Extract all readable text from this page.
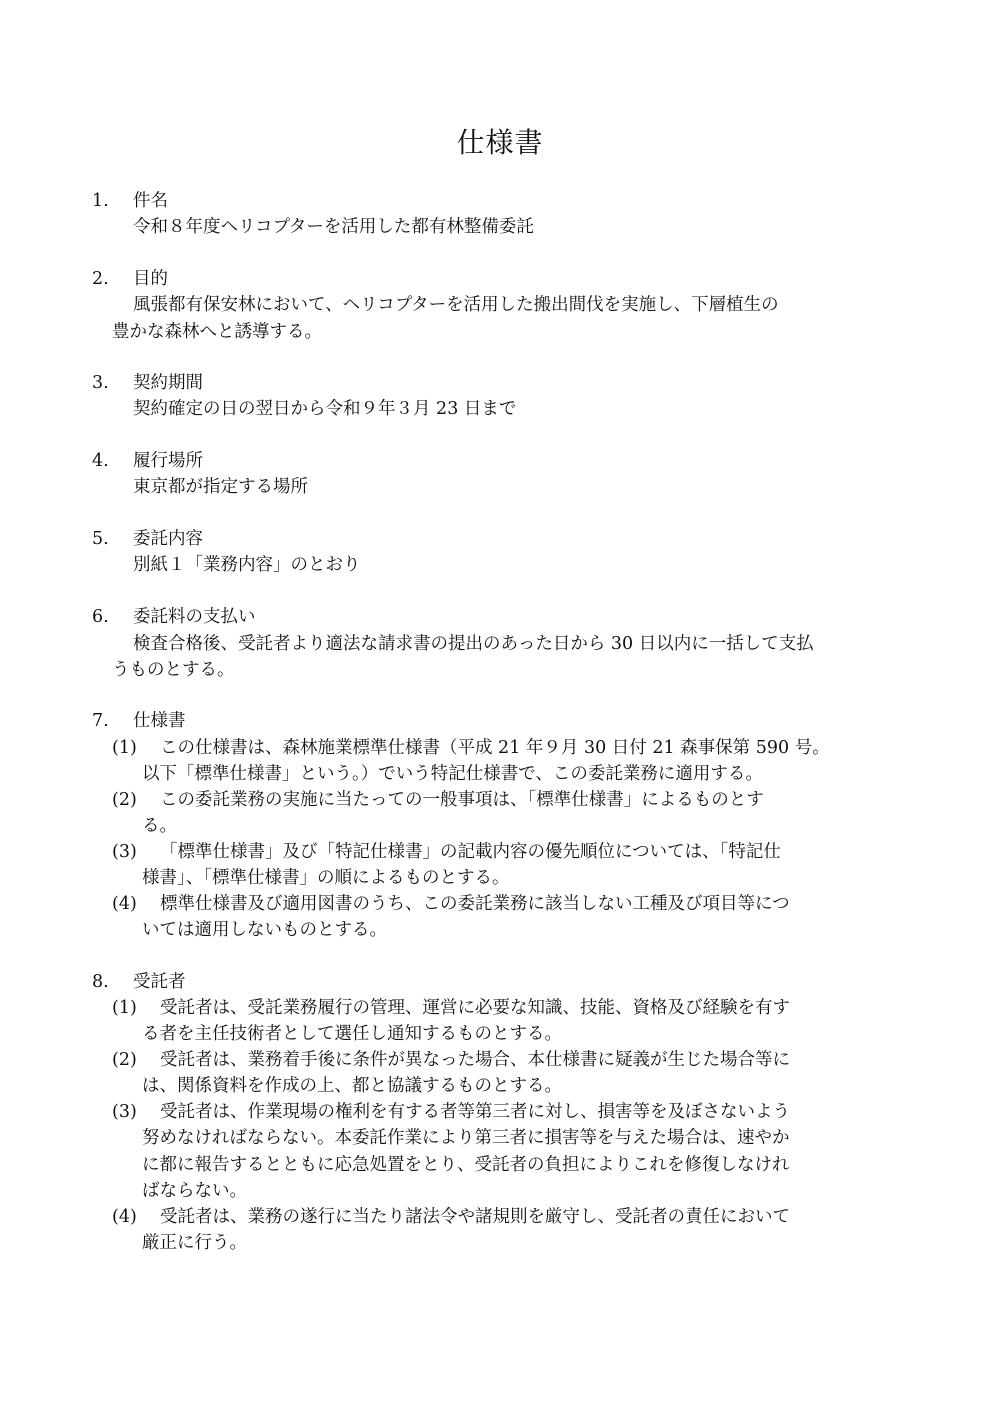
仕様書
1. 件名
令和８年度ヘリコプターを活用した都有林整備委託
2. 目的
風張都有保安林において、ヘリコプターを活用した搬出間伐を実施し、下層植生の
豊かな森林へと誘導する。
3. 契約期間
契約確定の日の翌日から令和９年３月 23 日まで
4. 履行場所
東京都が指定する場所
5. 委託内容
別紙１「業務内容」のとおり
6. 委託料の支払い
検査合格後、受託者より適法な請求書の提出のあった日から 30 日以内に一括して支払
うものとする。
7. 仕様書
(1) この仕様書は、森林施業標準仕様書（平成 21 年９月 30 日付 21 森事保第 590 号。
以下「標準仕様書」という。）でいう特記仕様書で、この委託業務に適用する。
(2) この委託業務の実施に当たっての一般事項は、「標準仕様書」によるものとす
る。
(3) 「標準仕様書」及び「特記仕様書」の記載内容の優先順位については、「特記仕
様書」、「標準仕様書」の順によるものとする。
(4) 標準仕様書及び適用図書のうち、この委託業務に該当しない工種及び項目等につ
いては適用しないものとする。
8. 受託者
(1) 受託者は、受託業務履行の管理、運営に必要な知識、技能、資格及び経験を有す
る者を主任技術者として選任し通知するものとする。
(2) 受託者は、業務着手後に条件が異なった場合、本仕様書に疑義が生じた場合等に
は、関係資料を作成の上、都と協議するものとする。
(3) 受託者は、作業現場の権利を有する者等第三者に対し、損害等を及ぼさないよう
努めなければならない。本委託作業により第三者に損害等を与えた場合は、速やか
に都に報告するとともに応急処置をとり、受託者の負担によりこれを修復しなけれ
ばならない。
(4) 受託者は、業務の遂行に当たり諸法令や諸規則を厳守し、受託者の責任において
厳正に行う。
